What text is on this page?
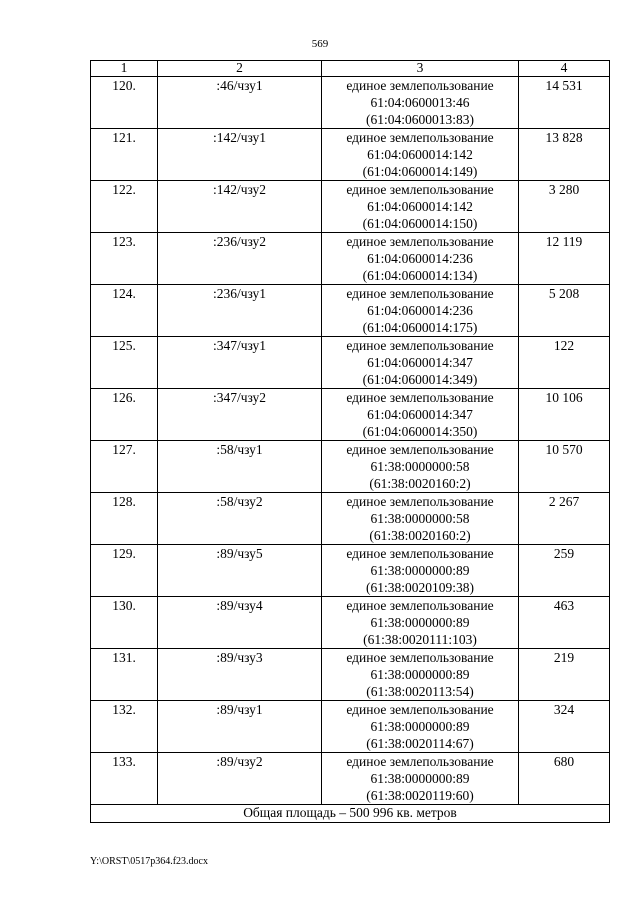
569
1	2	3	4
120.	:46/чзу1	единое землепользование
61:04:0600013:46
(61:04:0600013:83)	14 531
121.	:142/чзу1	единое землепользование
61:04:0600014:142
(61:04:0600014:149)	13 828
122.	:142/чзу2	единое землепользование
61:04:0600014:142
(61:04:0600014:150)	3 280
123.	:236/чзу2	единое землепользование
61:04:0600014:236
(61:04:0600014:134)	12 119
124.	:236/чзу1	единое землепользование
61:04:0600014:236
(61:04:0600014:175)	5 208
125.	:347/чзу1	единое землепользование
61:04:0600014:347
(61:04:0600014:349)	122
126.	:347/чзу2	единое землепользование
61:04:0600014:347
(61:04:0600014:350)	10 106
127.	:58/чзу1	единое землепользование
61:38:0000000:58
(61:38:0020160:2)	10 570
128.	:58/чзу2	единое землепользование
61:38:0000000:58
(61:38:0020160:2)	2 267
129.	:89/чзу5	единое землепользование
61:38:0000000:89
(61:38:0020109:38)	259
130.	:89/чзу4	единое землепользование
61:38:0000000:89
(61:38:0020111:103)	463
131.	:89/чзу3	единое землепользование
61:38:0000000:89
(61:38:0020113:54)	219
132.	:89/чзу1	единое землепользование
61:38:0000000:89
(61:38:0020114:67)	324
133.	:89/чзу2	единое землепользование
61:38:0000000:89
(61:38:0020119:60)	680
Общая площадь – 500 996 кв. метров			
Y:\ORST\0517p364.f23.docx
